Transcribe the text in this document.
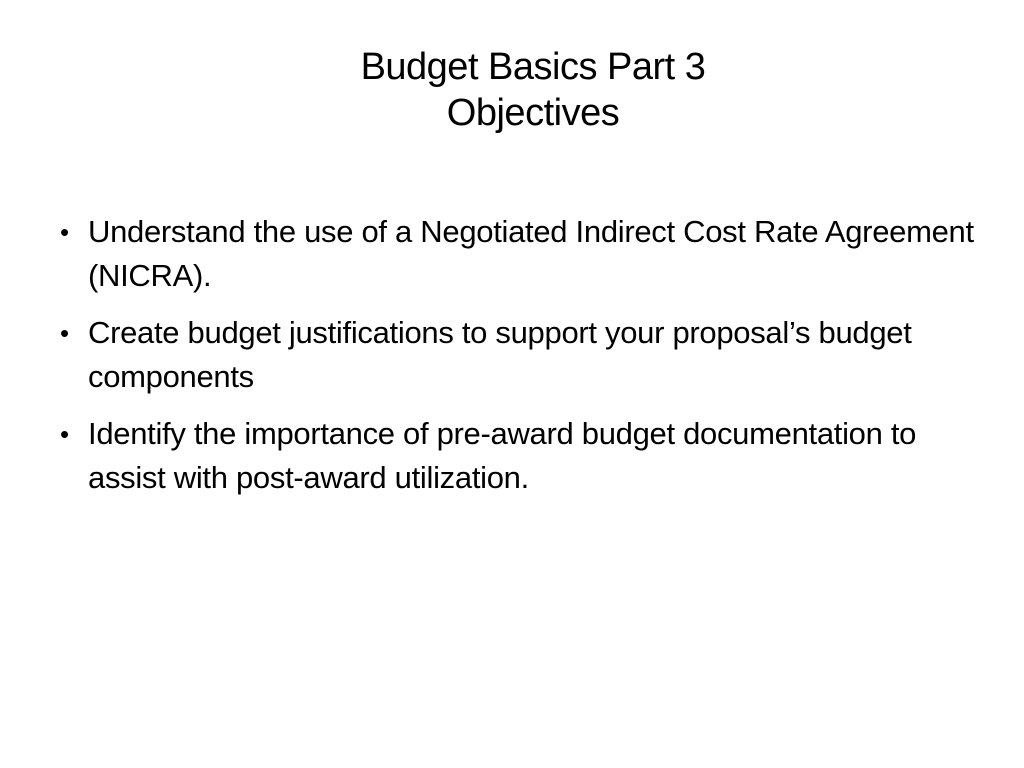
Budget Basics Part 3
Objectives
• Understand the use of a Negotiated Indirect Cost Rate Agreement (NICRA).
• Create budget justifications to support your proposal’s budget components
• Identify the importance of pre-award budget documentation to assist with post-award utilization.
